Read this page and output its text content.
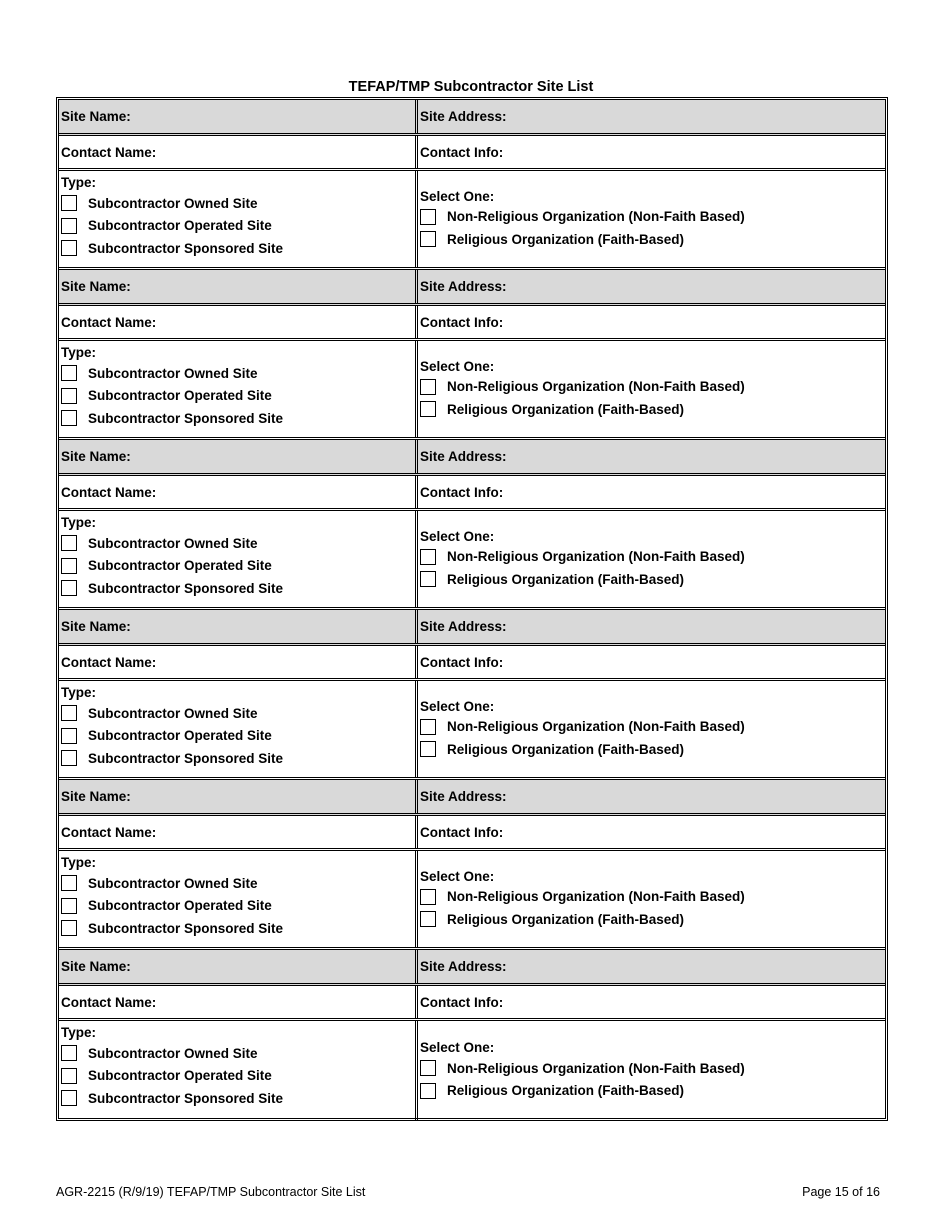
TEFAP/TMP Subcontractor Site List
Site Name:	Site Address:
Contact Name:	Contact Info:
Type:
Subcontractor Owned Site
Subcontractor Operated Site
Subcontractor Sponsored Site
Select One:
Non-Religious Organization (Non-Faith Based)
Religious Organization (Faith-Based)
Site Name:	Site Address:
Contact Name:	Contact Info:
Type:
Subcontractor Owned Site
Subcontractor Operated Site
Subcontractor Sponsored Site
Select One:
Non-Religious Organization (Non-Faith Based)
Religious Organization (Faith-Based)
Site Name:	Site Address:
Contact Name:	Contact Info:
Type:
Subcontractor Owned Site
Subcontractor Operated Site
Subcontractor Sponsored Site
Select One:
Non-Religious Organization (Non-Faith Based)
Religious Organization (Faith-Based)
Site Name:	Site Address:
Contact Name:	Contact Info:
Type:
Subcontractor Owned Site
Subcontractor Operated Site
Subcontractor Sponsored Site
Select One:
Non-Religious Organization (Non-Faith Based)
Religious Organization (Faith-Based)
Site Name:	Site Address:
Contact Name:	Contact Info:
Type:
Subcontractor Owned Site
Subcontractor Operated Site
Subcontractor Sponsored Site
Select One:
Non-Religious Organization (Non-Faith Based)
Religious Organization (Faith-Based)
Site Name:	Site Address:
Contact Name:	Contact Info:
Type:
Subcontractor Owned Site
Subcontractor Operated Site
Subcontractor Sponsored Site
Select One:
Non-Religious Organization (Non-Faith Based)
Religious Organization (Faith-Based)
AGR-2215 (R/9/19) TEFAP/TMP Subcontractor Site List	Page 15 of 16
